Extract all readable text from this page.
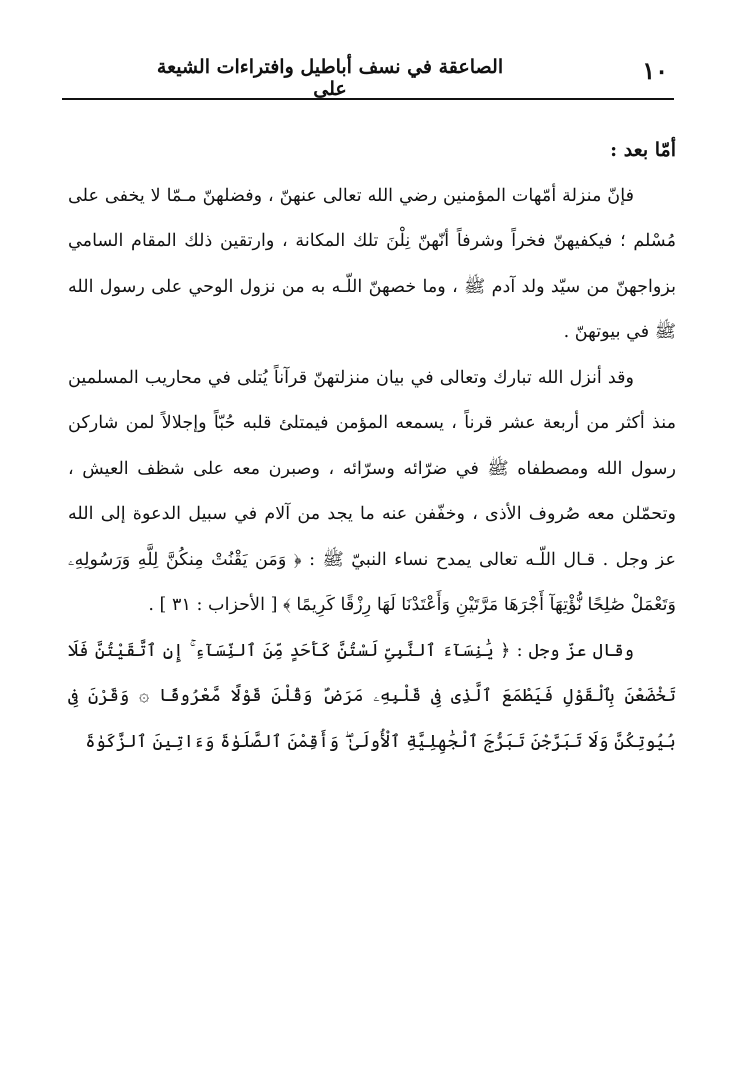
١٠
الصاعقة في نسف أباطيل وافتراءات الشيعة على

أمّا بعد :

فإنّ منزلة أمّهات المؤمنين رضي الله تعالى عنهنّ ، وفضلهنّ مـمّا لا يخفى على مُسْلم ؛ فيكفيهنّ فخراً وشرفاً أنّهنّ نِلْنَ تلك المكانة ، وارتقين ذلك المقام السامي بزواجهنّ من سيّد ولد آدم ﷺ ، وما خصهنّ اللّـه به من نزول الوحي على رسول الله ﷺ في بيوتهنّ .

وقد أنزل الله تبارك وتعالى في بيان منزلتهنّ قرآناً يُتلى في محاريب المسلمين منذ أكثر من أربعة عشر قرناً ، يسمعه المؤمن فيمتلئ قلبه حُبّاً وإجلالاً لمن شاركن رسول الله ومصطفاه ﷺ في ضرّائه وسرّائه ، وصبرن معه على شظف العيش ، وتحمّلن معه صُروف الأذى ، وخفّفن عنه ما يجد من آلام في سبيل الدعوة إلى الله عز وجل . قـال اللّـه تعالى يمدح نساء النبيّ ﷺ : ﴿ وَمَن يَقْنُتْ مِنكُنَّ لِلَّهِ وَرَسُولِهِۦ وَتَعْمَلْ صَٰلِحًا نُّؤْتِهَآ أَجْرَهَا مَرَّتَيْنِ وَأَعْتَدْنَا لَهَا رِزْقًا كَرِيمًا ﴾ [ الأحزاب : ٣١ ] .

وقال عزّ وجل : ﴿ يَٰنِسَآءَ ٱلنَّبِىِّ لَسْتُنَّ كَأَحَدٍ مِّنَ ٱلنِّسَآءِ ۚ إِنِ ٱتَّقَيْتُنَّ فَلَا تَخْضَعْنَ بِٱلْقَوْلِ فَيَطْمَعَ ٱلَّذِى فِى قَلْبِهِۦ مَرَضٌ وَقُلْنَ قَوْلًا مَّعْرُوفًا ۞ وَقَرْنَ فِى بُيُوتِكُنَّ وَلَا تَبَرَّجْنَ تَبَرُّجَ ٱلْجَٰهِلِيَّةِ ٱلْأُولَىٰ ۖ وَأَقِمْنَ ٱلصَّلَوٰةَ وَءَاتِينَ ٱلزَّكَوٰةَ
